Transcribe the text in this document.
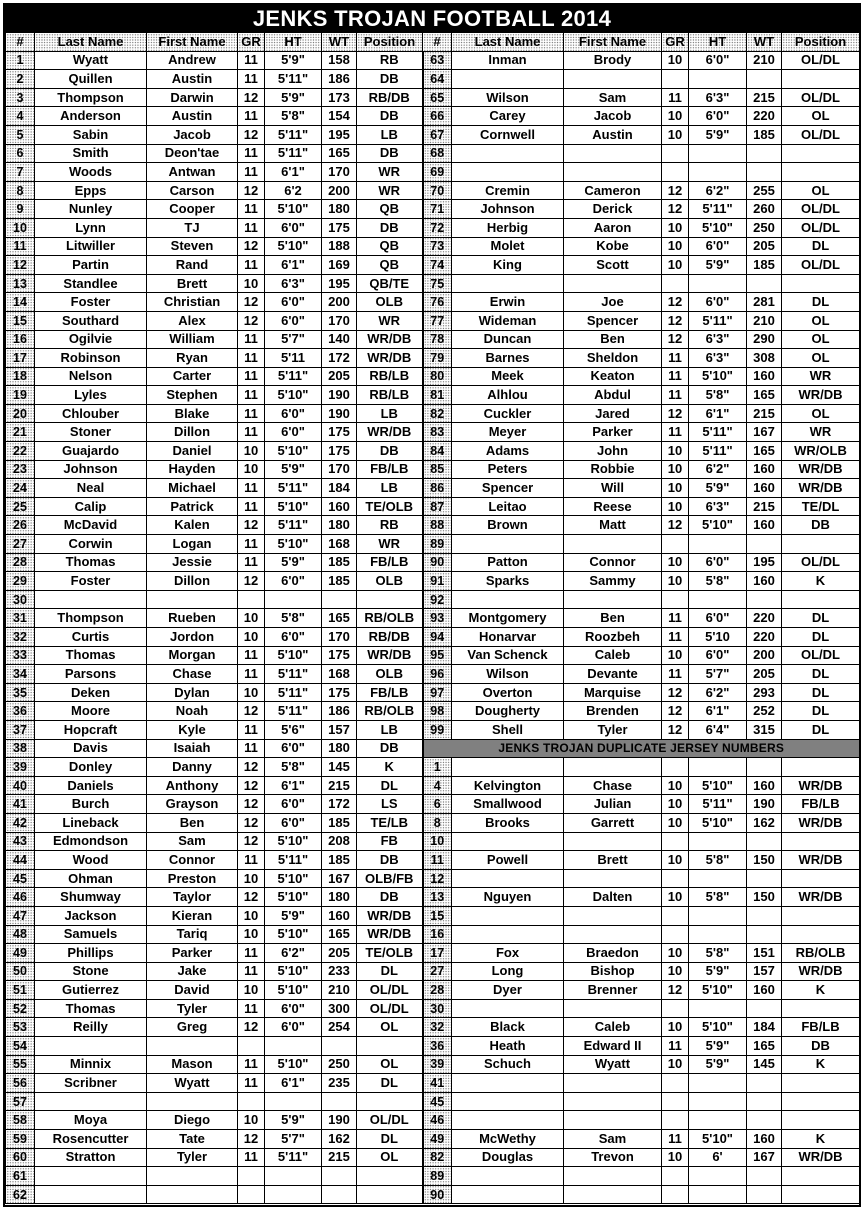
JENKS TROJAN FOOTBALL 2014
#	Last Name	First Name	GR	HT	WT	Position	#	Last Name	First Name	GR	HT	WT	Position
1	Wyatt	Andrew	11	5'9"	158	RB	63	Inman	Brody	10	6'0"	210	OL/DL
2	Quillen	Austin	11	5'11"	186	DB	64						
3	Thompson	Darwin	12	5'9"	173	RB/DB	65	Wilson	Sam	11	6'3"	215	OL/DL
4	Anderson	Austin	11	5'8"	154	DB	66	Carey	Jacob	10	6'0"	220	OL
5	Sabin	Jacob	12	5'11"	195	LB	67	Cornwell	Austin	10	5'9"	185	OL/DL
6	Smith	Deon'tae	11	5'11"	165	DB	68						
7	Woods	Antwan	11	6'1"	170	WR	69						
8	Epps	Carson	12	6'2	200	WR	70	Cremin	Cameron	12	6'2"	255	OL
9	Nunley	Cooper	11	5'10"	180	QB	71	Johnson	Derick	12	5'11"	260	OL/DL
10	Lynn	TJ	11	6'0"	175	DB	72	Herbig	Aaron	10	5'10"	250	OL/DL
11	Litwiller	Steven	12	5'10"	188	QB	73	Molet	Kobe	10	6'0"	205	DL
12	Partin	Rand	11	6'1"	169	QB	74	King	Scott	10	5'9"	185	OL/DL
13	Standlee	Brett	10	6'3"	195	QB/TE	75						
14	Foster	Christian	12	6'0"	200	OLB	76	Erwin	Joe	12	6'0"	281	DL
15	Southard	Alex	12	6'0"	170	WR	77	Wideman	Spencer	12	5'11"	210	OL
16	Ogilvie	William	11	5'7"	140	WR/DB	78	Duncan	Ben	12	6'3"	290	OL
17	Robinson	Ryan	11	5'11	172	WR/DB	79	Barnes	Sheldon	11	6'3"	308	OL
18	Nelson	Carter	11	5'11"	205	RB/LB	80	Meek	Keaton	11	5'10"	160	WR
19	Lyles	Stephen	11	5'10"	190	RB/LB	81	Alhlou	Abdul	11	5'8"	165	WR/DB
20	Chlouber	Blake	11	6'0"	190	LB	82	Cuckler	Jared	12	6'1"	215	OL
21	Stoner	Dillon	11	6'0"	175	WR/DB	83	Meyer	Parker	11	5'11"	167	WR
22	Guajardo	Daniel	10	5'10"	175	DB	84	Adams	John	10	5'11"	165	WR/OLB
23	Johnson	Hayden	10	5'9"	170	FB/LB	85	Peters	Robbie	10	6'2"	160	WR/DB
24	Neal	Michael	11	5'11"	184	LB	86	Spencer	Will	10	5'9"	160	WR/DB
25	Calip	Patrick	11	5'10"	160	TE/OLB	87	Leitao	Reese	10	6'3"	215	TE/DL
26	McDavid	Kalen	12	5'11"	180	RB	88	Brown	Matt	12	5'10"	160	DB
27	Corwin	Logan	11	5'10"	168	WR	89						
28	Thomas	Jessie	11	5'9"	185	FB/LB	90	Patton	Connor	10	6'0"	195	OL/DL
29	Foster	Dillon	12	6'0"	185	OLB	91	Sparks	Sammy	10	5'8"	160	K
30							92						
31	Thompson	Rueben	10	5'8"	165	RB/OLB	93	Montgomery	Ben	11	6'0"	220	DL
32	Curtis	Jordon	10	6'0"	170	RB/DB	94	Honarvar	Roozbeh	11	5'10	220	DL
33	Thomas	Morgan	11	5'10"	175	WR/DB	95	Van Schenck	Caleb	10	6'0"	200	OL/DL
34	Parsons	Chase	11	5'11"	168	OLB	96	Wilson	Devante	11	5'7"	205	DL
35	Deken	Dylan	10	5'11"	175	FB/LB	97	Overton	Marquise	12	6'2"	293	DL
36	Moore	Noah	12	5'11"	186	RB/OLB	98	Dougherty	Brenden	12	6'1"	252	DL
37	Hopcraft	Kyle	11	5'6"	157	LB	99	Shell	Tyler	12	6'4"	315	DL
38	Davis	Isaiah	11	6'0"	180	DB	JENKS TROJAN DUPLICATE JERSEY NUMBERS						
39	Donley	Danny	12	5'8"	145	K	1						
40	Daniels	Anthony	12	6'1"	215	DL	4	Kelvington	Chase	10	5'10"	160	WR/DB
41	Burch	Grayson	12	6'0"	172	LS	6	Smallwood	Julian	10	5'11"	190	FB/LB
42	Lineback	Ben	12	6'0"	185	TE/LB	8	Brooks	Garrett	10	5'10"	162	WR/DB
43	Edmondson	Sam	12	5'10"	208	FB	10						
44	Wood	Connor	11	5'11"	185	DB	11	Powell	Brett	10	5'8"	150	WR/DB
45	Ohman	Preston	10	5'10"	167	OLB/FB	12						
46	Shumway	Taylor	12	5'10"	180	DB	13	Nguyen	Dalten	10	5'8"	150	WR/DB
47	Jackson	Kieran	10	5'9"	160	WR/DB	15						
48	Samuels	Tariq	10	5'10"	165	WR/DB	16						
49	Phillips	Parker	11	6'2"	205	TE/OLB	17	Fox	Braedon	10	5'8"	151	RB/OLB
50	Stone	Jake	11	5'10"	233	DL	27	Long	Bishop	10	5'9"	157	WR/DB
51	Gutierrez	David	10	5'10"	210	OL/DL	28	Dyer	Brenner	12	5'10"	160	K
52	Thomas	Tyler	11	6'0"	300	OL/DL	30						
53	Reilly	Greg	12	6'0"	254	OL	32	Black	Caleb	10	5'10"	184	FB/LB
54							36	Heath	Edward II	11	5'9"	165	DB
55	Minnix	Mason	11	5'10"	250	OL	39	Schuch	Wyatt	10	5'9"	145	K
56	Scribner	Wyatt	11	6'1"	235	DL	41						
57							45						
58	Moya	Diego	10	5'9"	190	OL/DL	46						
59	Rosencutter	Tate	12	5'7"	162	DL	49	McWethy	Sam	11	5'10"	160	K
60	Stratton	Tyler	11	5'11"	215	OL	82	Douglas	Trevon	10	6'	167	WR/DB
61							89						
62							90						
